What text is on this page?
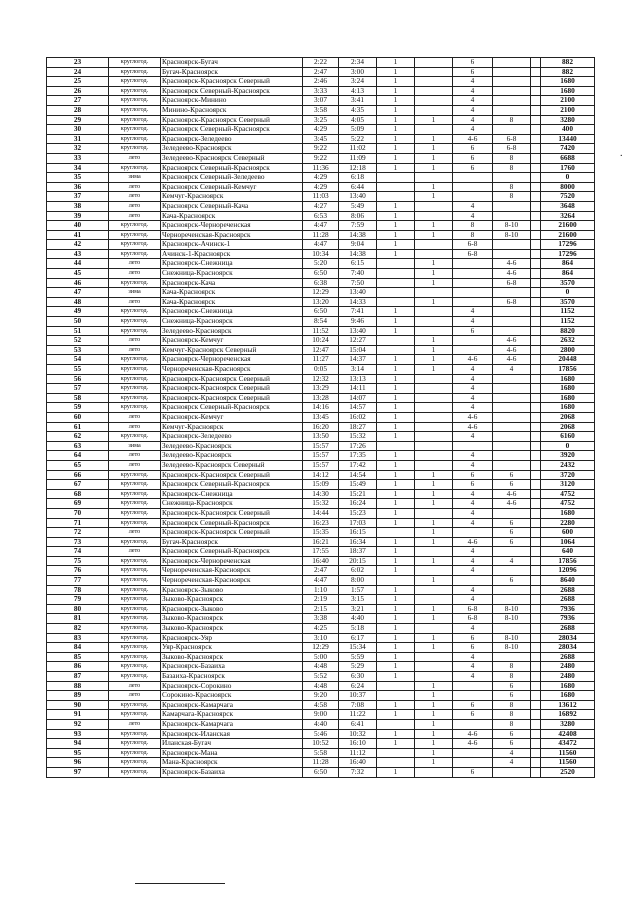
.
23	круглогод.	Красноярск-Бугач	2:22	2:34	1		6			882
24	круглогод.	Бугач-Красноярск	2:47	3:00	1		6			882
25	круглогод.	Красноярск-Красноярск Северный	2:46	3:24	1		4			1680
26	круглогод.	Красноярск Северный-Красноярск	3:33	4:13	1		4			1680
27	круглогод.	Красноярск-Минино	3:07	3:41	1		4			2100
28	круглогод.	Минино-Красноярск	3:58	4:35	1		4			2100
29	круглогод.	Красноярск-Красноярск Северный	3:25	4:05	1	1	4	8		3280
30	круглогод.	Красноярск Северный-Красноярск	4:29	5:09	1		4			400
31	круглогод.	Красноярск-Зеледеево	3:45	5:22	1	1	4-6	6-8		13440
32	круглогод.	Зеледеево-Красноярск	9:22	11:02	1	1	6	6-8		7420
33	лето	Зеледеево-Красноярск Северный	9:22	11:09	1	1	6	8		6688
34	круглогод.	Красноярск Северный-Красноярск	11:36	12:18	1	1	6	8		1760
35	зима	Красноярск Северный-Зеледеево	4:29	6:18						0
36	лето	Красноярск Северный-Кемчуг	4:29	6:44		1		8		8000
37	лето	Кемчуг-Красноярск	11:03	13:40		1		8		7520
38	лето	Красноярск Северный-Кача	4:27	5:49	1		4			3648
39	лето	Кача-Красноярск	6:53	8:06	1		4			3264
40	круглогод.	Красноярск-Чернореченская	4:47	7:59	1	1	8	8-10		21600
41	круглогод.	Чернореченская-Красноярск	11:28	14:38	1	1	8	8-10		21600
42	круглогод.	Красноярск-Ачинск-1	4:47	9:04	1		6-8			17296
43	круглогод.	Ачинск-1-Красноярск	10:34	14:38	1		6-8			17296
44	лето	Красноярск-Снежница	5:20	6:15		1		4-6		864
45	лето	Снежница-Красноярск	6:50	7:40		1		4-6		864
46	круглогод.	Красноярск-Кача	6:38	7:50		1		6-8		3570
47	зима	Кача-Красноярск	12:29	13:40						0
48	лето	Кача-Красноярск	13:20	14:33		1		6-8		3570
49	круглогод.	Красноярск-Снежница	6:50	7:41	1		4			1152
50	круглогод.	Снежница-Красноярск	8:54	9:46	1		4			1152
51	круглогод.	Зеледеево-Красноярск	11:52	13:40	1		6			8820
52	лето	Красноярск-Кемчуг	10:24	12:27		1		4-6		2632
53	лето	Кемчуг-Красноярск Северный	12:47	15:04		1		4-6		2800
54	круглогод.	Красноярск-Чернореченская	11:27	14:37	1	1	4-6	4-6		20448
55	круглогод.	Чернореченская-Красноярск	0:05	3:14	1	1	4	4		17856
56	круглогод.	Красноярск-Красноярск Северный	12:32	13:13	1		4			1680
57	круглогод.	Красноярск-Красноярск Северный	13:29	14:11	1		4			1680
58	круглогод.	Красноярск-Красноярск Северный	13:28	14:07	1		4			1680
59	круглогод.	Красноярск Северный-Красноярск	14:16	14:57	1		4			1680
60	лето	Красноярск-Кемчуг	13:45	16:02	1		4-6			2068
61	лето	Кемчуг-Красноярск	16:20	18:27	1		4-6			2068
62	круглогод.	Красноярск-Зеледеево	13:50	15:32	1		4			6160
63	зима	Зеледеево-Красноярск	15:57	17:26						0
64	лето	Зеледеево-Красноярск	15:57	17:35	1		4			3920
65	лето	Зеледеево-Красноярск Северный	15:57	17:42	1		4			2432
66	круглогод.	Красноярск-Красноярск Северный	14:12	14:54	1	1	6	6		3720
67	круглогод.	Красноярск Северный-Красноярск	15:09	15:49	1	1	6	6		3120
68	круглогод.	Красноярск-Снежница	14:30	15:21	1	1	4	4-6		4752
69	круглогод.	Снежница-Красноярск	15:32	16:24	1	1	4	4-6		4752
70	круглогод.	Красноярск-Красноярск Северный	14:44	15:23	1		4			1680
71	круглогод.	Красноярск Северный-Красноярск	16:23	17:03	1	1	4	6		2280
72	лето	Красноярск-Красноярск Северный	15:35	16:15		1		6		600
73	круглогод.	Бугач-Красноярск	16:21	16:34	1	1	4-6	6		1064
74	лето	Красноярск Северный-Красноярск	17:55	18:37	1		4			640
75	круглогод.	Красноярск-Чернореченская	16:40	20:15	1	1	4	4		17856
76	круглогод.	Чернореченская-Красноярск	2:47	6:02	1		4			12096
77	круглогод.	Чернореченская-Красноярск	4:47	8:00		1		6		8640
78	круглогод.	Красноярск-Зыково	1:10	1:57	1		4			2688
79	круглогод.	Зыково-Красноярск	2:19	3:15	1		4			2688
80	круглогод.	Красноярск-Зыково	2:15	3:21	1	1	6-8	8-10		7936
81	круглогод.	Зыково-Красноярск	3:38	4:40	1	1	6-8	8-10		7936
82	круглогод.	Зыково-Красноярск	4:25	5:18	1		4			2688
83	круглогод.	Красноярск-Уяр	3:10	6:17	1	1	6	8-10		28034
84	круглогод.	Уяр-Красноярск	12:29	15:34	1	1	6	8-10		28034
85	круглогод.	Зыково-Красноярск	5:00	5:59	1		4			2688
86	круглогод.	Красноярск-Базаиха	4:48	5:29	1		4	8		2480
87	круглогод.	Базаиха-Красноярск	5:52	6:30	1		4	8		2480
88	лето	Красноярск-Сорокино	4:48	6:24		1		6		1680
89	лето	Сорокино-Красноярск	9:20	10:37		1		6		1680
90	круглогод.	Красноярск-Камарчага	4:58	7:08	1	1	6	8		13612
91	круглогод.	Камарчага-Красноярск	9:00	11:22	1	1	6	8		16892
92	лето	Красноярск-Камарчага	4:40	6:41		1		8		3280
93	круглогод.	Красноярск-Иланская	5:46	10:32	1	1	4-6	6		42408
94	круглогод.	Иланская-Бугач	10:52	16:10	1	1	4-6	6		43472
95	круглогод.	Красноярск-Мана	5:58	11:12		1		4		11560
96	круглогод.	Мана-Красноярск	11:28	16:40		1		4		11560
97	круглогод.	Красноярск-Базаиха	6:50	7:32	1		6			2520
